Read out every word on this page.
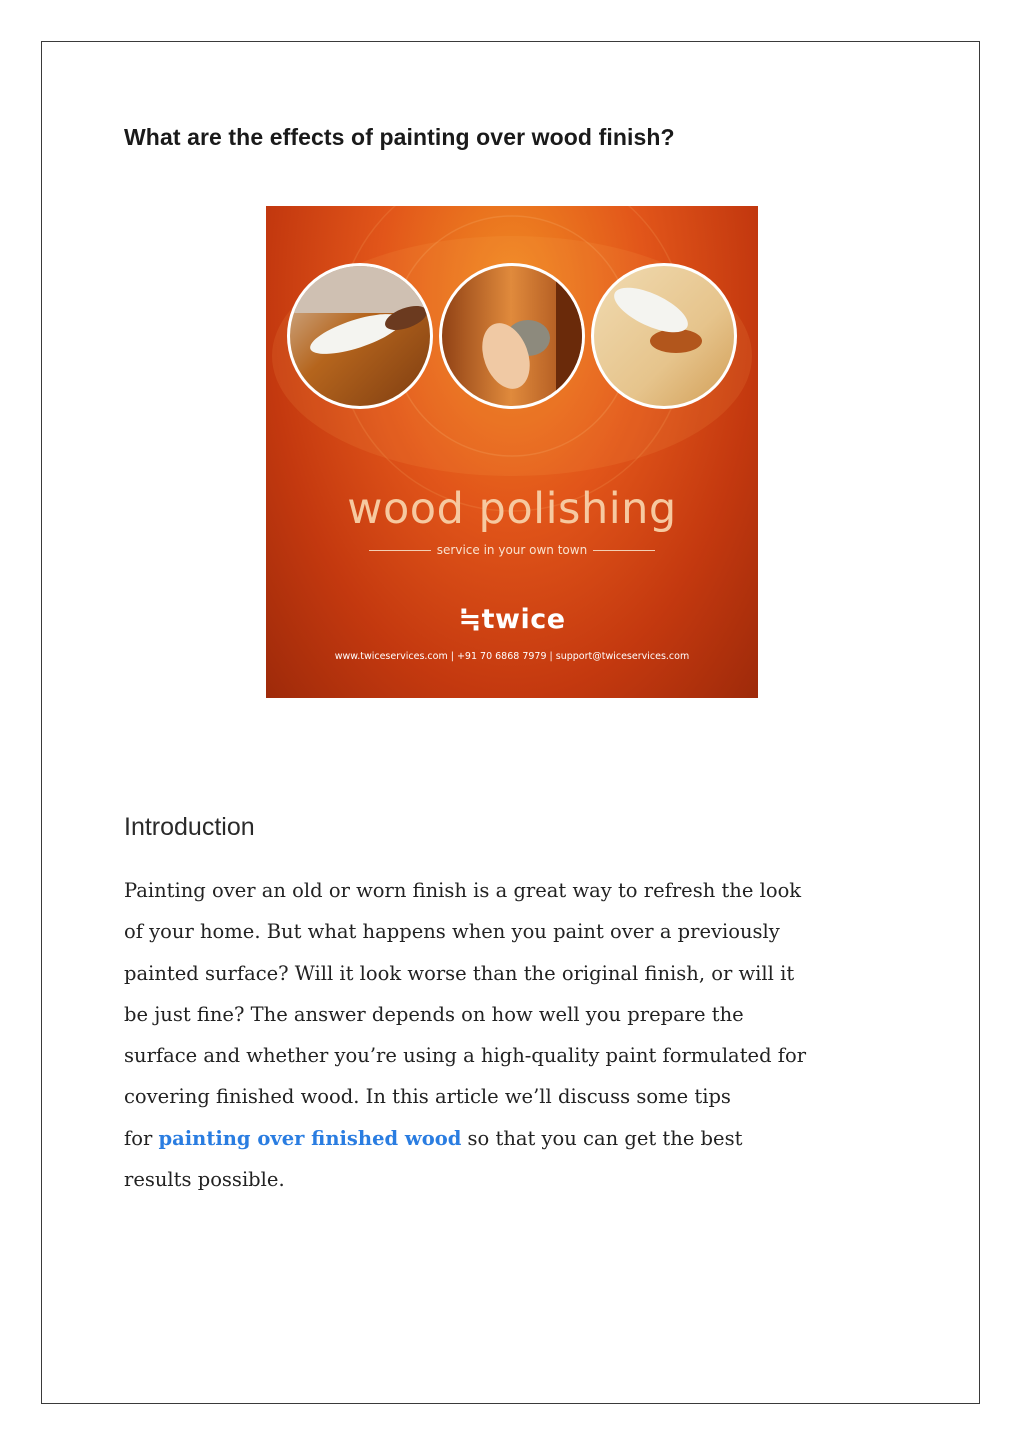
What are the effects of painting over wood finish?
wood polishing
service in your own town
≒twice
www.twiceservices.com | +91 70 6868 7979 | support@twiceservices.com
Introduction

Painting over an old or worn finish is a great way to refresh the look
of your home. But what happens when you paint over a previously
painted surface? Will it look worse than the original finish, or will it
be just fine? The answer depends on how well you prepare the
surface and whether you’re using a high-quality paint formulated for
covering finished wood. In this article we’ll discuss some tips
for painting over finished wood so that you can get the best
results possible.
